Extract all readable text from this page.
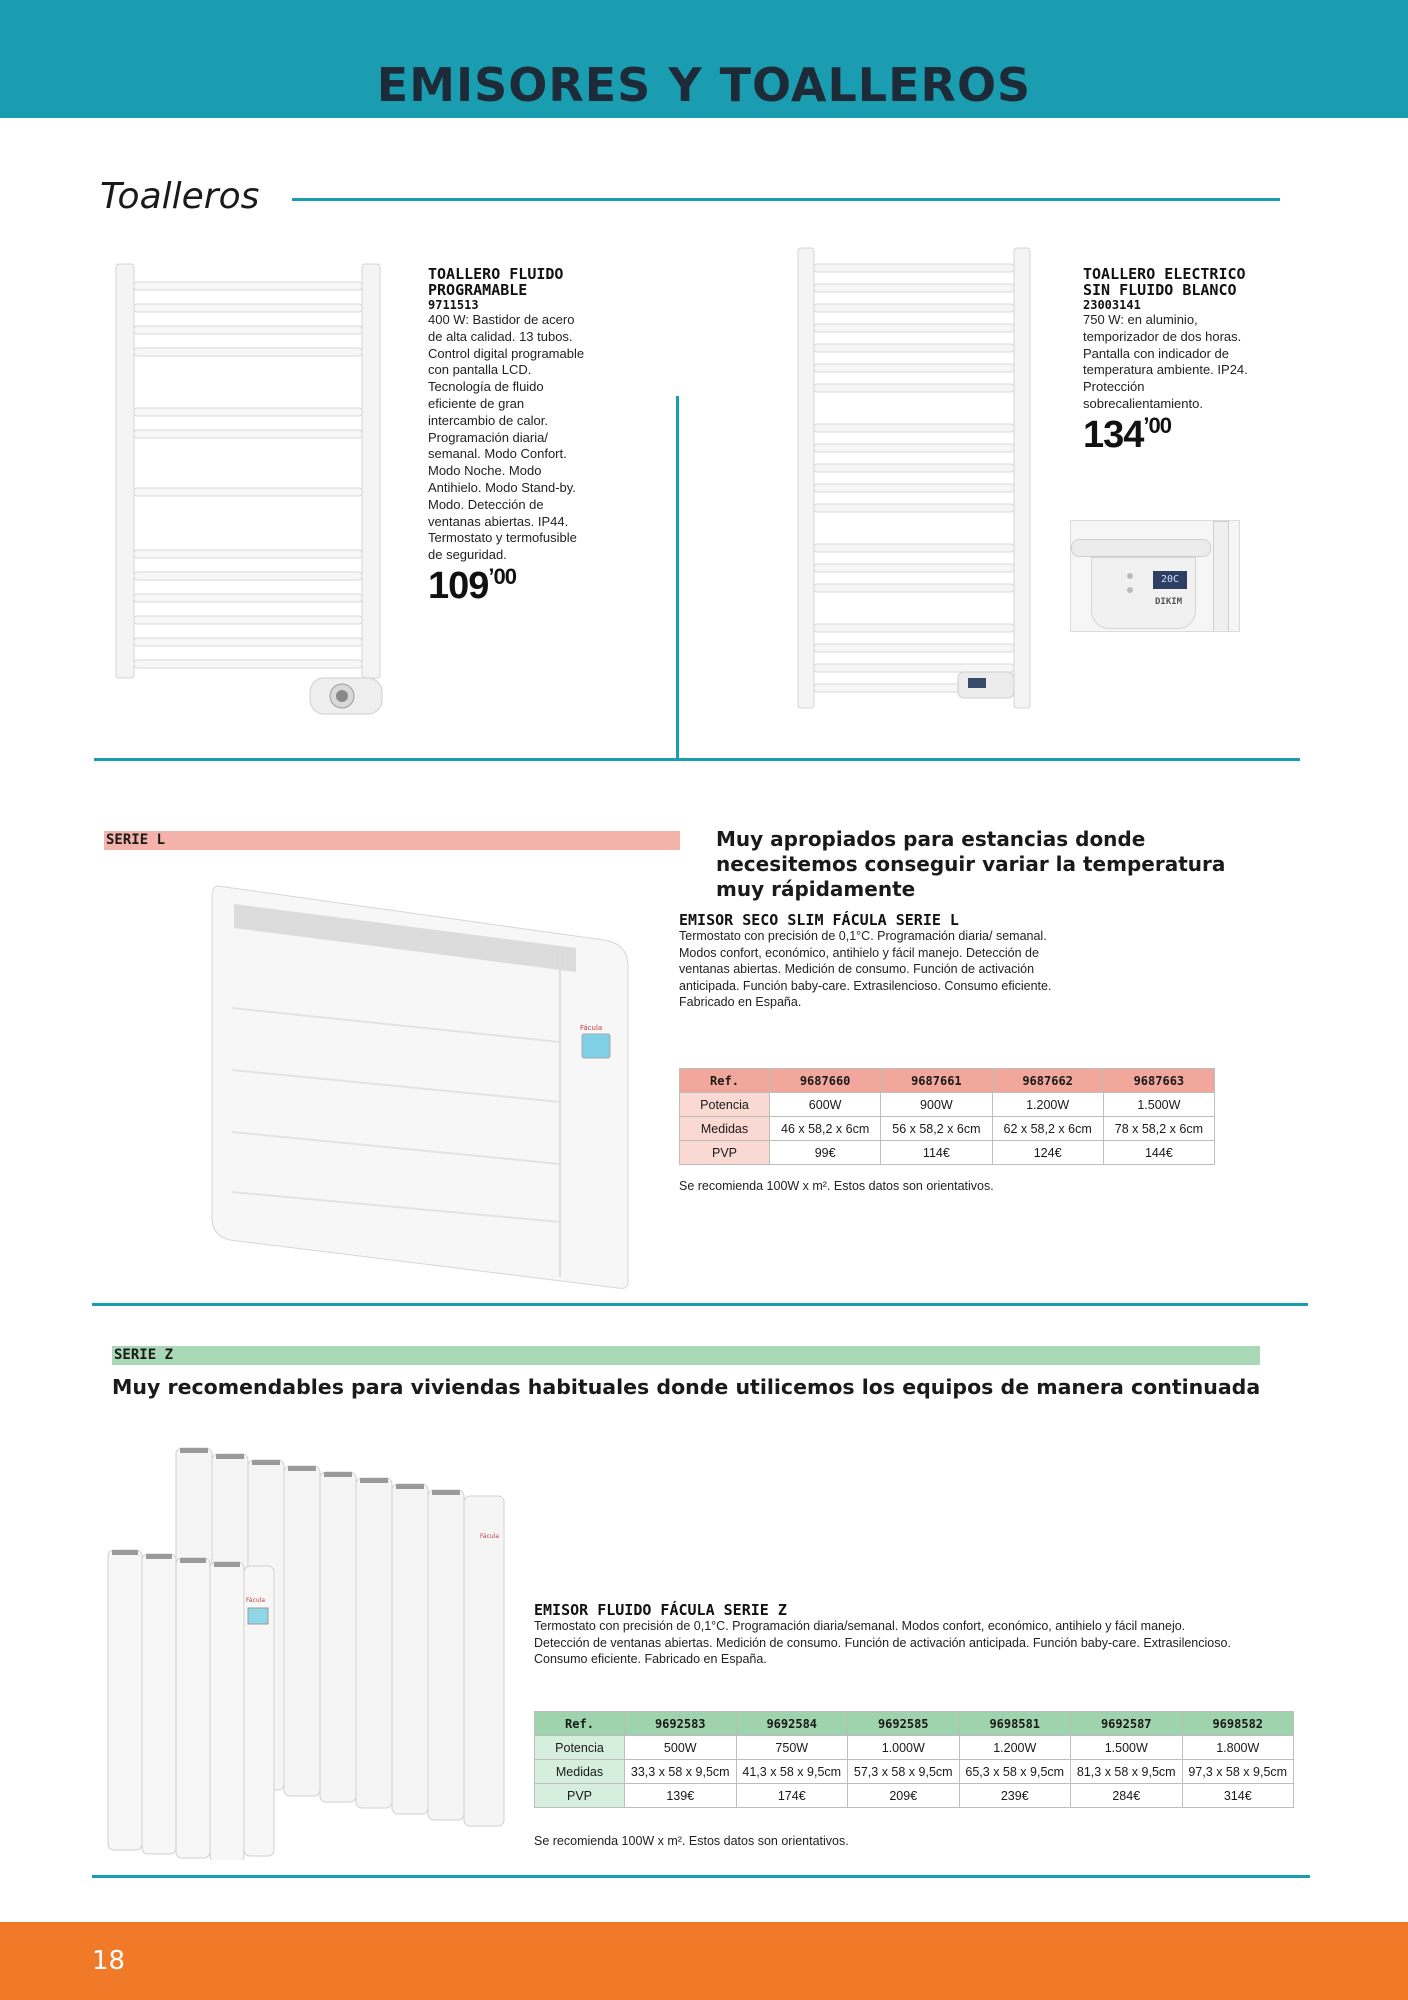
EMISORES Y TOALLEROS
Toalleros
TOALLERO FLUIDO PROGRAMABLE
9711513
400 W: Bastidor de acero de alta calidad. 13 tubos. Control digital programable con pantalla LCD. Tecnología de fluido eficiente de gran intercambio de calor. Programación diaria/ semanal. Modo Confort. Modo Noche. Modo Antihielo. Modo Stand-by. Modo. Detección de ventanas abiertas. IP44. Termostato y termofusible de seguridad.
$109^{’00}$
TOALLERO ELECTRICO SIN FLUIDO BLANCO
23003141
750 W: en aluminio, temporizador de dos horas. Pantalla con indicador de temperatura ambiente. IP24. Protección sobrecalientamiento.
$134^{’00}$
20C
DIKIM
SERIE L	Muy apropiados para estancias donde necesitemos conseguir variar la temperatura muy rápidamente
Fácula
EMISOR SECO SLIM FÁCULA SERIE L
Termostato con precisión de 0,1°C. Programación diaria/ semanal. Modos confort, económico, antihielo y fácil manejo. Detección de ventanas abiertas. Medición de consumo. Función de activación anticipada. Función baby-care. Extrasilencioso. Consumo eficiente. Fabricado en España.
Ref.	9687660	9687661	9687662	9687663
Potencia	600W	900W	1.200W	1.500W
Medidas	46 x 58,2 x 6cm	56 x 58,2 x 6cm	62 x 58,2 x 6cm	78 x 58,2 x 6cm
PVP	99€	114€	124€	144€
Se recomienda 100W x m². Estos datos son orientativos.
SERIE Z
Muy recomendables para viviendas habituales donde utilicemos los equipos de manera continuada
Fácula
Fácula
EMISOR FLUIDO FÁCULA SERIE Z
Termostato con precisión de 0,1°C. Programación diaria/semanal. Modos confort, económico, antihielo y fácil manejo. Detección de ventanas abiertas. Medición de consumo. Función de activación anticipada. Función baby-care. Extrasilencioso. Consumo eficiente. Fabricado en España.
Ref.	9692583	9692584	9692585	9698581	9692587	9698582
Potencia	500W	750W	1.000W	1.200W	1.500W	1.800W
Medidas	33,3 x 58 x 9,5cm	41,3 x 58 x 9,5cm	57,3 x 58 x 9,5cm	65,3 x 58 x 9,5cm	81,3 x 58 x 9,5cm	97,3 x 58 x 9,5cm
PVP	139€	174€	209€	239€	284€	314€
Se recomienda 100W x m². Estos datos son orientativos.
18
